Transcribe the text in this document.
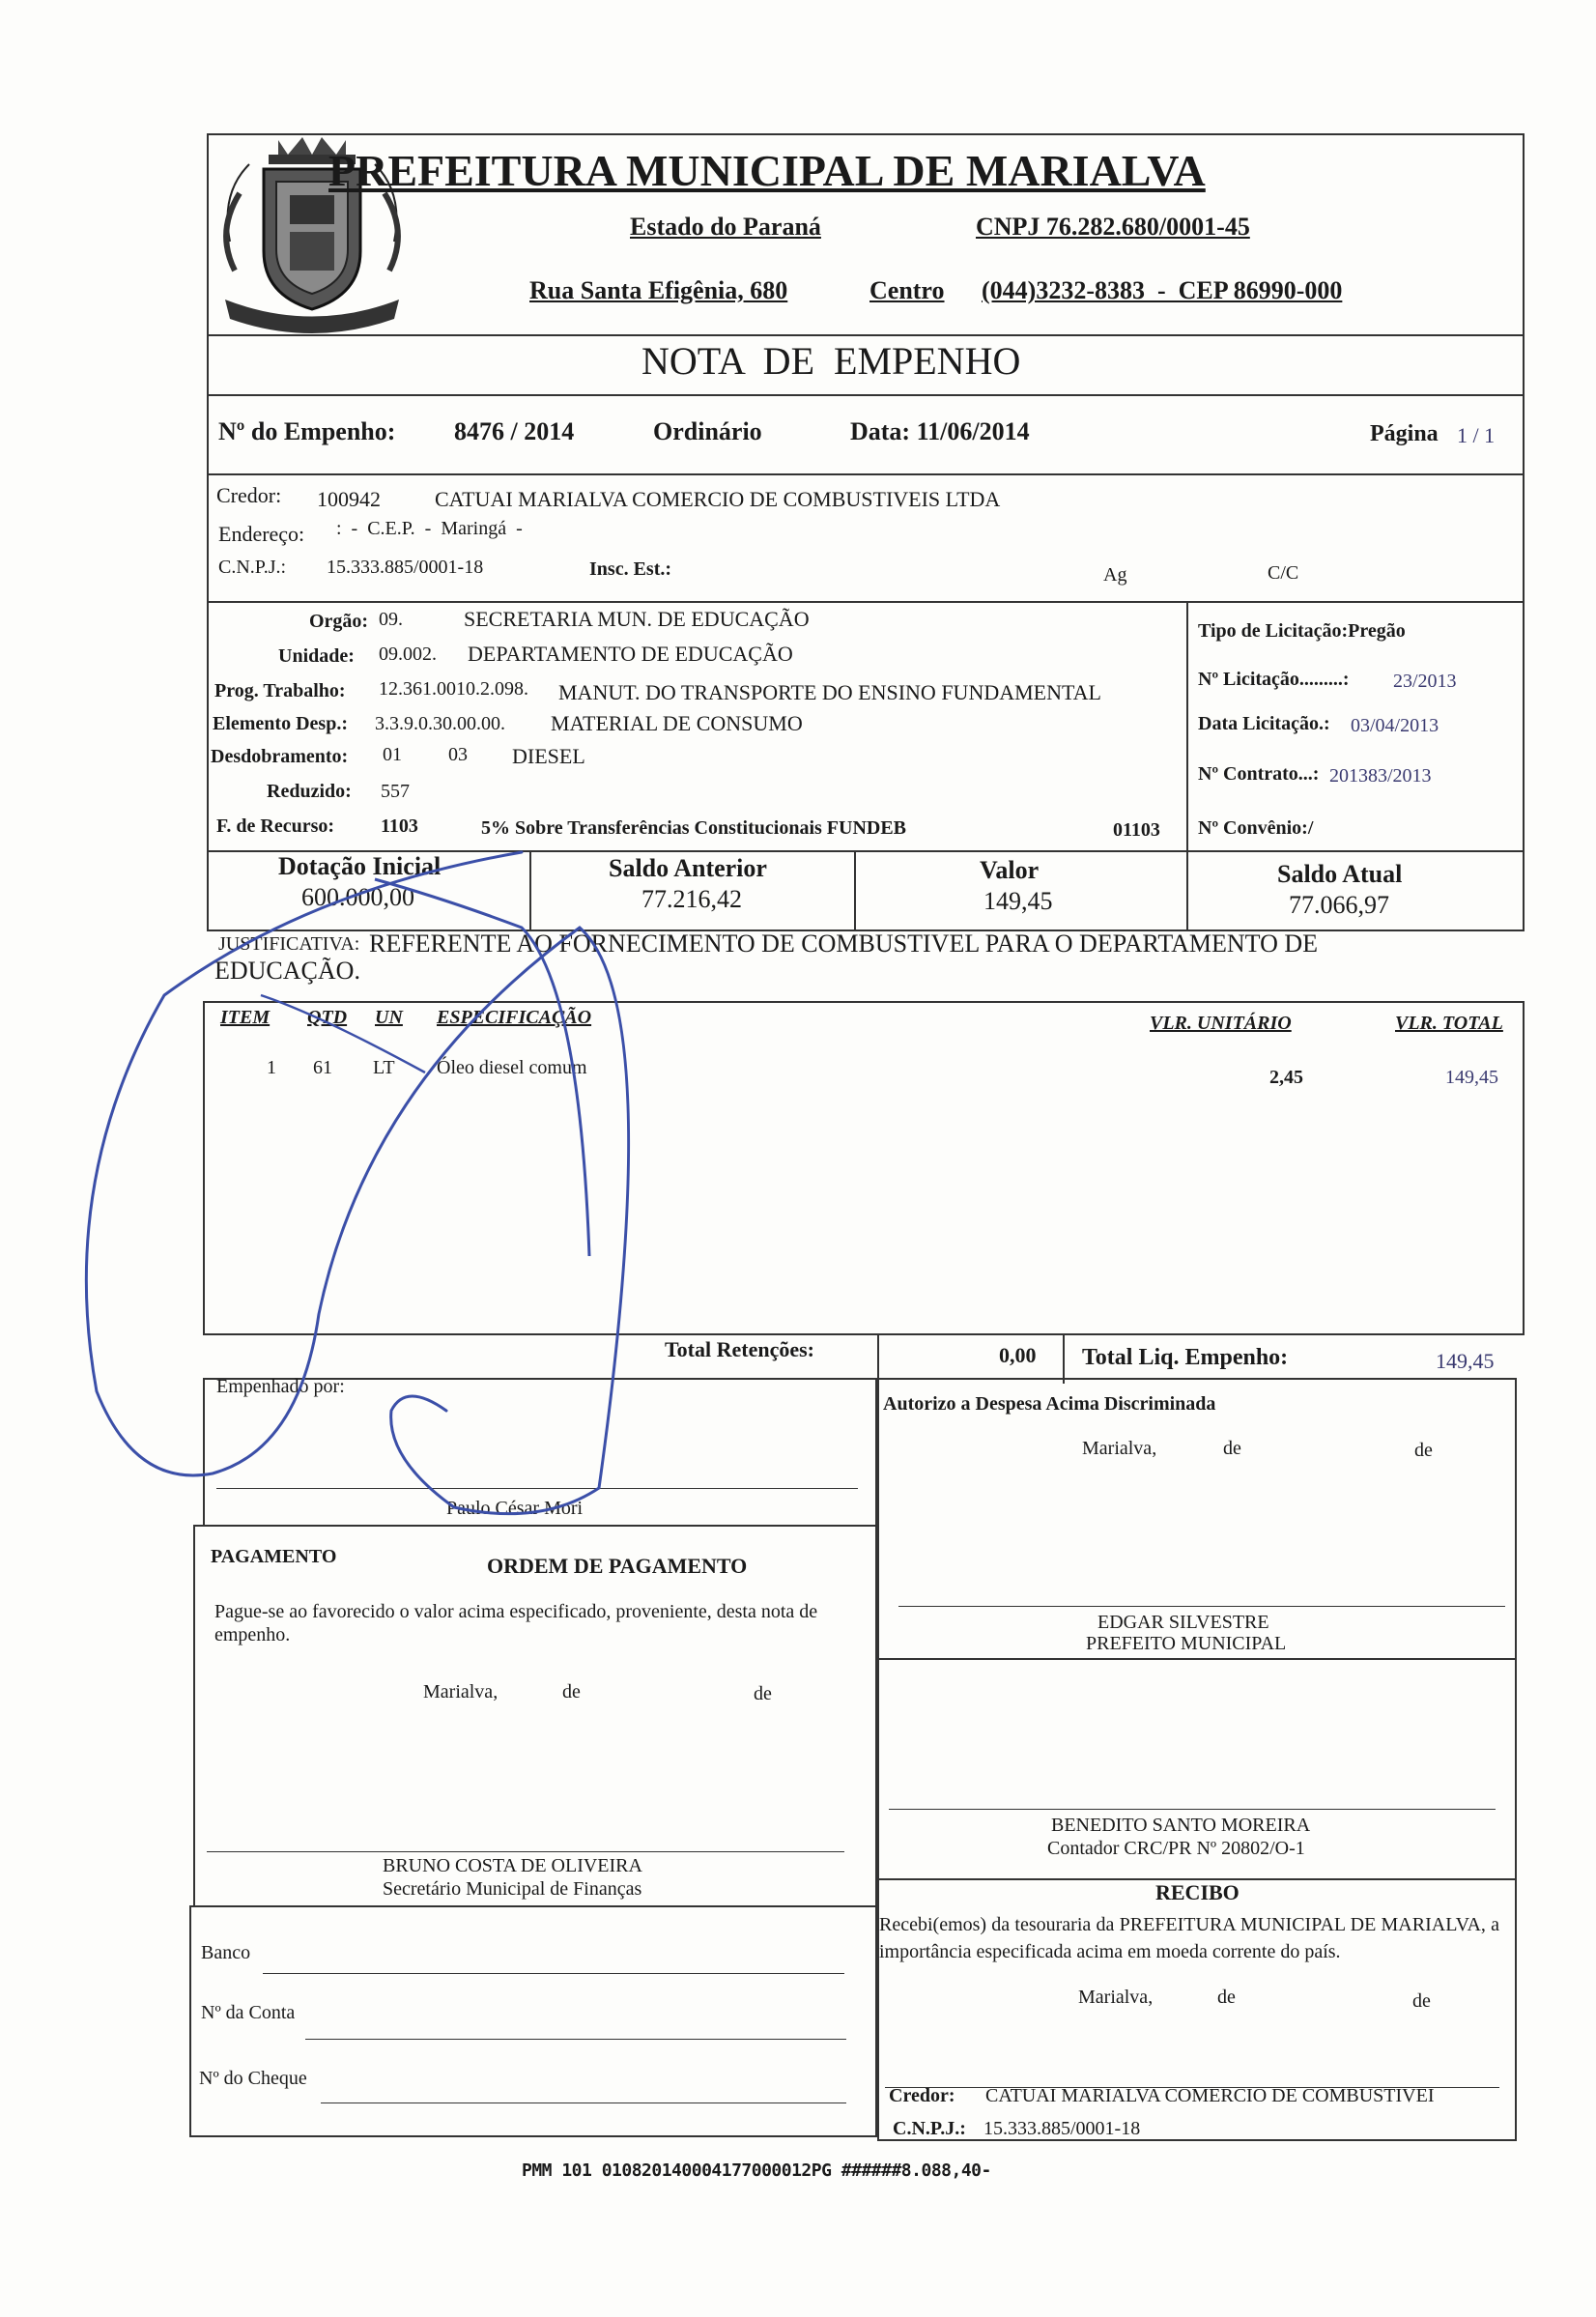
PREFEITURA MUNICIPAL DE MARIALVA
Estado do Paraná	CNPJ 76.282.680/0001-45
Rua Santa Efigênia, 680	Centro (044)3232-8383  -  CEP 86990-000
NOTA  DE  EMPENHO
Nº do Empenho: 8476 / 2014	Ordinário	Data: 11/06/2014	Página 1 / 1
Credor: 100942	CATUAI MARIALVA COMERCIO DE COMBUSTIVEIS LTDA
Endereço: :  -  C.E.P.  -  Maringá  -
C.N.P.J.: 15.333.885/0001-18	Insc. Est.:	Ag	C/C
Orgão: 09.	SECRETARIA MUN. DE EDUCAÇÃO
Unidade: 09.002. DEPARTAMENTO DE EDUCAÇÃO
Prog. Trabalho: 12.361.0010.2.098. MANUT. DO TRANSPORTE DO ENSINO FUNDAMENTAL
Elemento Desp.: 3.3.9.0.30.00.00. MATERIAL DE CONSUMO
Desdobramento: 01 03 DIESEL
Reduzido: 557
F. de Recurso: 1103	5% Sobre Transferências Constitucionais FUNDEB	01103
Tipo de Licitação:Pregão
Nº Licitação.........: 23/2013
Data Licitação.: 03/04/2013
Nº Contrato...: 201383/2013
Nº Convênio:/
Dotação Inicial
600.000,00
Saldo Anterior
77.216,42
Valor
149,45
Saldo Atual
77.066,97
JUSTIFICATIVA: REFERENTE AO FORNECIMENTO DE COMBUSTIVEL PARA O DEPARTAMENTO DE
EDUCAÇÃO.
ITEM QTD UN ESPECIFICAÇÃO	VLR. UNITÁRIO	VLR. TOTAL
1 61 LT Óleo diesel comum	2,45	149,45
Total Retenções:	0,00 Total Liq. Empenho:	149,45
Empenhado por:
Paulo César Mori
Autorizo a Despesa Acima Discriminada
Marialva,	de	de
PAGAMENTO	ORDEM DE PAGAMENTO
Pague-se ao favorecido o valor acima especificado, proveniente, desta nota de empenho.
Marialva,	de	de
BRUNO COSTA DE OLIVEIRA
Secretário Municipal de Finanças
EDGAR SILVESTRE
PREFEITO MUNICIPAL
BENEDITO SANTO MOREIRA
Contador CRC/PR Nº 20802/O-1
Banco
Nº da Conta
Nº do Cheque
RECIBO
Recebi(emos) da tesouraria da PREFEITURA MUNICIPAL DE MARIALVA, a importância especificada acima em moeda corrente do país.
Marialva,	de	de
Credor: CATUAI MARIALVA COMERCIO DE COMBUSTIVEI
C.N.P.J.: 15.333.885/0001-18
PMM 101 010820140004177000012PG ######8.088,40-
